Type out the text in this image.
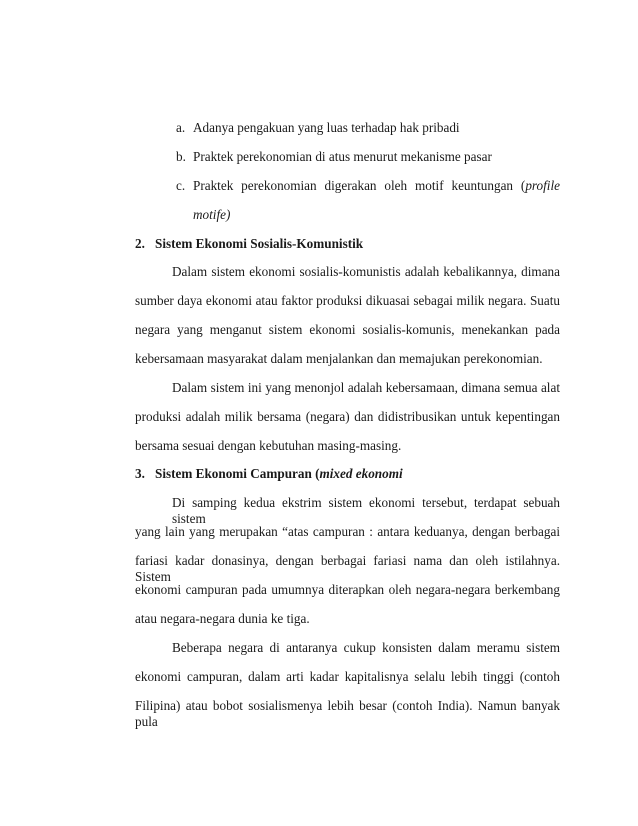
a. Adanya pengakuan yang luas terhadap hak pribadi
b. Praktek perekonomian di atus menurut mekanisme pasar
c. Praktek perekonomian digerakan oleh motif keuntungan (profile
motife)
2. Sistem Ekonomi Sosialis-Komunistik
Dalam sistem ekonomi sosialis-komunistis adalah kebalikannya, dimana
sumber daya ekonomi atau faktor produksi dikuasai sebagai milik negara. Suatu
negara yang menganut sistem ekonomi sosialis-komunis, menekankan pada
kebersamaan masyarakat dalam menjalankan dan memajukan perekonomian.
Dalam sistem ini yang menonjol adalah kebersamaan, dimana semua alat
produksi adalah milik bersama (negara) dan didistribusikan untuk kepentingan
bersama sesuai dengan kebutuhan masing-masing.
3. Sistem Ekonomi Campuran (mixed ekonomi
Di samping kedua ekstrim sistem ekonomi tersebut, terdapat sebuah sistem
yang lain yang merupakan “atas campuran : antara keduanya, dengan berbagai
fariasi kadar donasinya, dengan berbagai fariasi nama dan oleh istilahnya. Sistem
ekonomi campuran pada umumnya diterapkan oleh negara-negara berkembang
atau negara-negara dunia ke tiga.
Beberapa negara di antaranya cukup konsisten dalam meramu sistem
ekonomi campuran, dalam arti kadar kapitalisnya selalu lebih tinggi (contoh
Filipina) atau bobot sosialismenya lebih besar (contoh India). Namun banyak pula
